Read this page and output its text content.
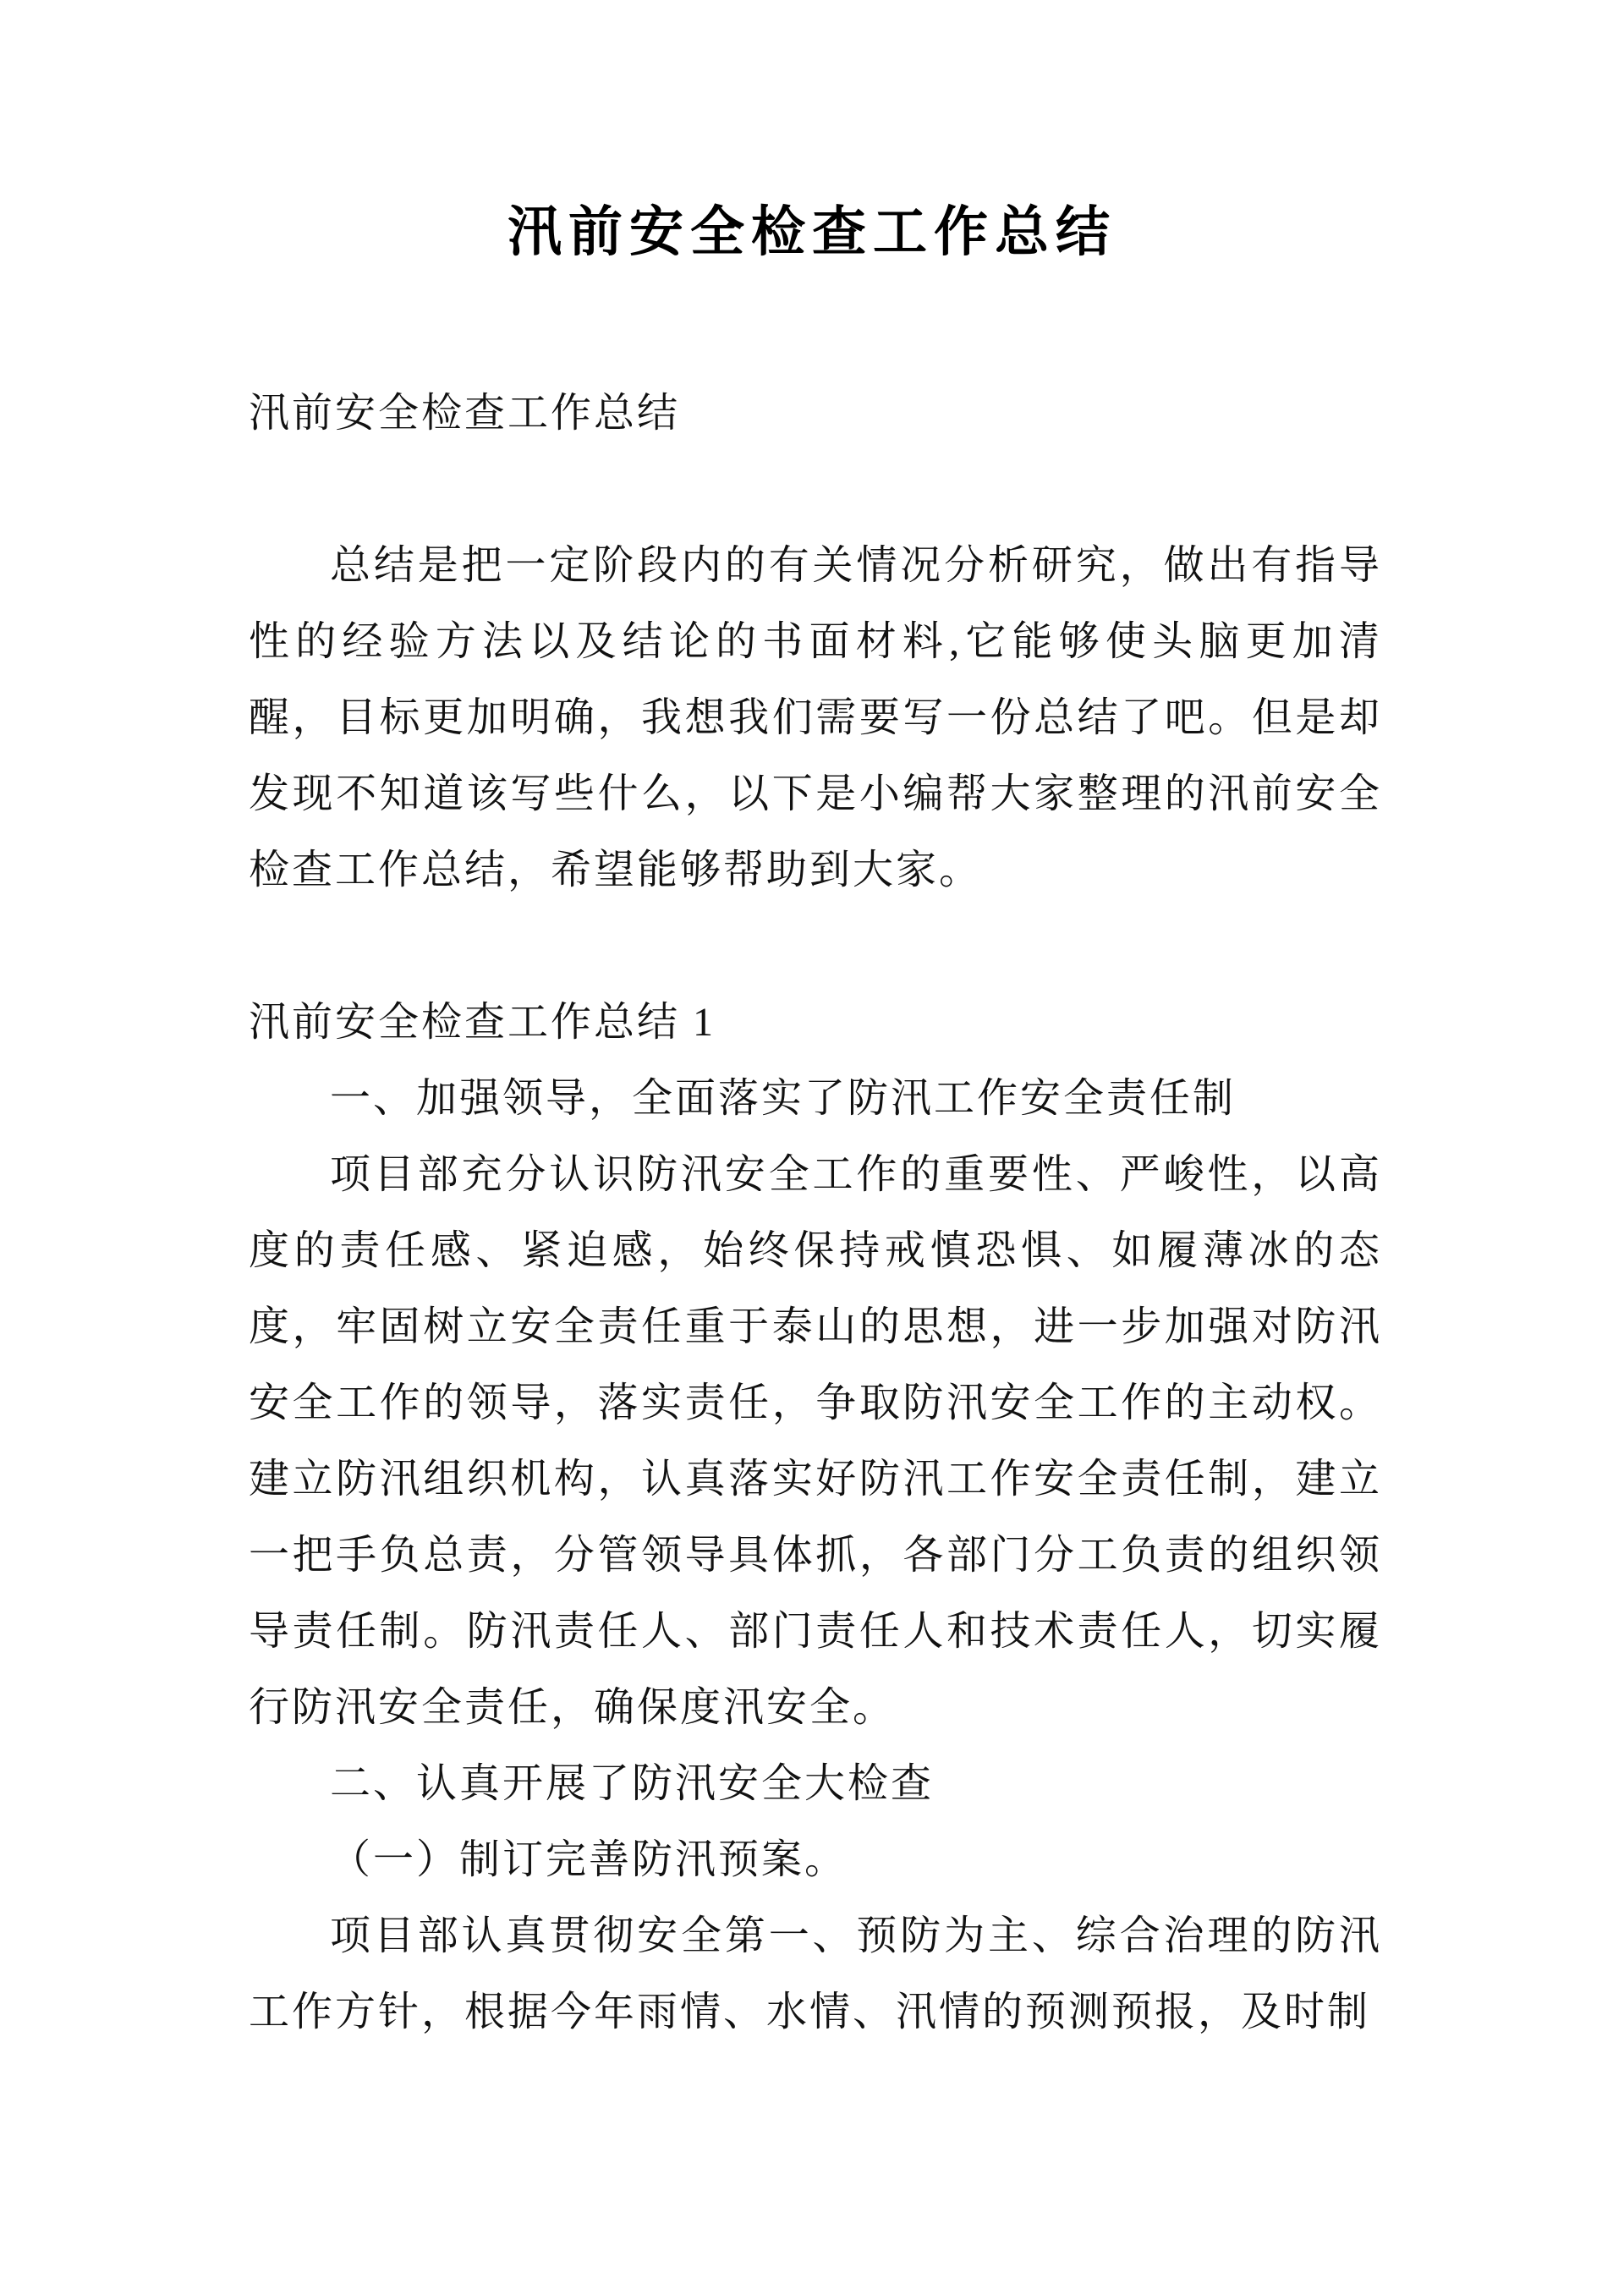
汛前安全检查工作总结

汛前安全检查工作总结

总结是把一定阶段内的有关情况分析研究，做出有指导性的经验方法以及结论的书面材料,它能够使头脑更加清醒，目标更加明确，我想我们需要写一份总结了吧。但是却发现不知道该写些什么，以下是小编帮大家整理的汛前安全检查工作总结，希望能够帮助到大家。

汛前安全检查工作总结 1

一、加强领导，全面落实了防汛工作安全责任制

项目部充分认识防汛安全工作的重要性、严峻性，以高度的责任感、紧迫感，始终保持戒慎恐惧、如履薄冰的态度，牢固树立安全责任重于泰山的思想，进一步加强对防汛安全工作的领导，落实责任，争取防汛安全工作的主动权。建立防汛组织机构，认真落实好防汛工作安全责任制，建立一把手负总责，分管领导具体抓，各部门分工负责的组织领导责任制。防汛责任人、部门责任人和技术责任人，切实履行防汛安全责任，确保度汛安全。

二、认真开展了防汛安全大检查

（一）制订完善防汛预案。

项目部认真贯彻安全第一、预防为主、综合治理的防汛工作方针，根据今年雨情、水情、汛情的预测预报，及时制
